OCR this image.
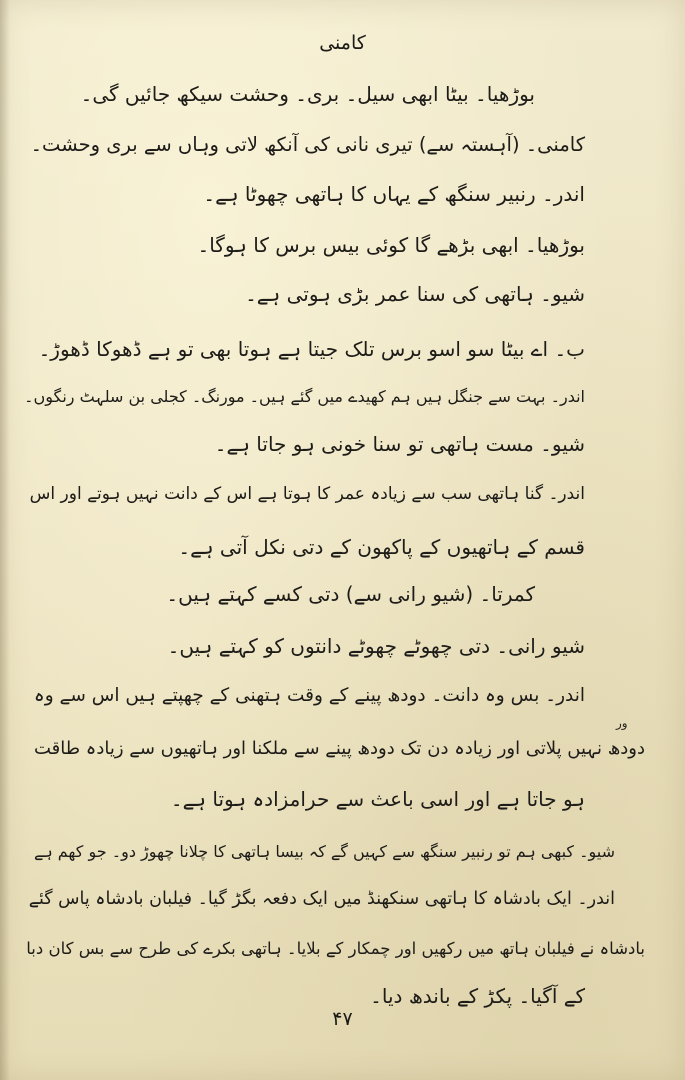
کامنی
بوڑھیا۔ بیٹا ابھی سیل۔ بری۔ وحشت سیکھ جائیں گی۔
کامنی۔ (آہستہ سے) تیری نانی کی آنکھ لاتی وہاں سے بری وحشت۔
اندر۔ رنبیر سنگھ کے یہاں کا ہاتھی چھوٹا ہے۔
بوڑھیا۔ ابھی بڑھے گا کوئی بیس برس کا ہوگا۔
شیو۔ ہاتھی کی سنا عمر بڑی ہوتی ہے۔
ب۔ اے بیٹا سو اسو برس تلک جیتا ہے ہوتا بھی تو ہے ڈھوکا ڈھوڑ۔
اندر۔ بہت سے جنگل ہیں ہم کھیدے میں گئے ہیں۔ مورنگ۔ کجلی بن سلہٹ رنگوں۔
شیو۔ مست ہاتھی تو سنا خونی ہو جاتا ہے۔
اندر۔ گنا ہاتھی سب سے زیادہ عمر کا ہوتا ہے اس کے دانت نہیں ہوتے اور اس
قسم کے ہاتھیوں کے پاکھون کے دتی نکل آتی ہے۔
کمرتا۔ (شیو رانی سے) دتی کسے کہتے ہیں۔
شیو رانی۔ دتی چھوٹے چھوٹے دانتوں کو کہتے ہیں۔
اندر۔ بس وہ دانت۔ دودھ پینے کے وقت ہتھنی کے چھپتے ہیں اس سے وہ
دودھ نہیں پلاتی اور زیادہ دن تک دودھ پینے سے ملکنا اور ہاتھیوں سے زیادہ طاقت
ہو جاتا ہے اور اسی باعث سے حرامزادہ ہوتا ہے۔
شیو۔ کبھی ہم تو رنبیر سنگھ سے کہیں گے کہ بیسا ہاتھی کا چلانا چھوڑ دو۔ جو کھم ہے
اندر۔ ایک بادشاہ کا ہاتھی سنکھنڈ میں ایک دفعہ بگڑ گیا۔ فیلبان بادشاہ پاس گئے
بادشاہ نے فیلبان ہاتھ میں رکھیں اور چمکار کے بلایا۔ ہاتھی بکرے کی طرح سے بس کان دبا
کے آگیا۔ پکڑ کے باندھ دیا۔
ور
۴۷
